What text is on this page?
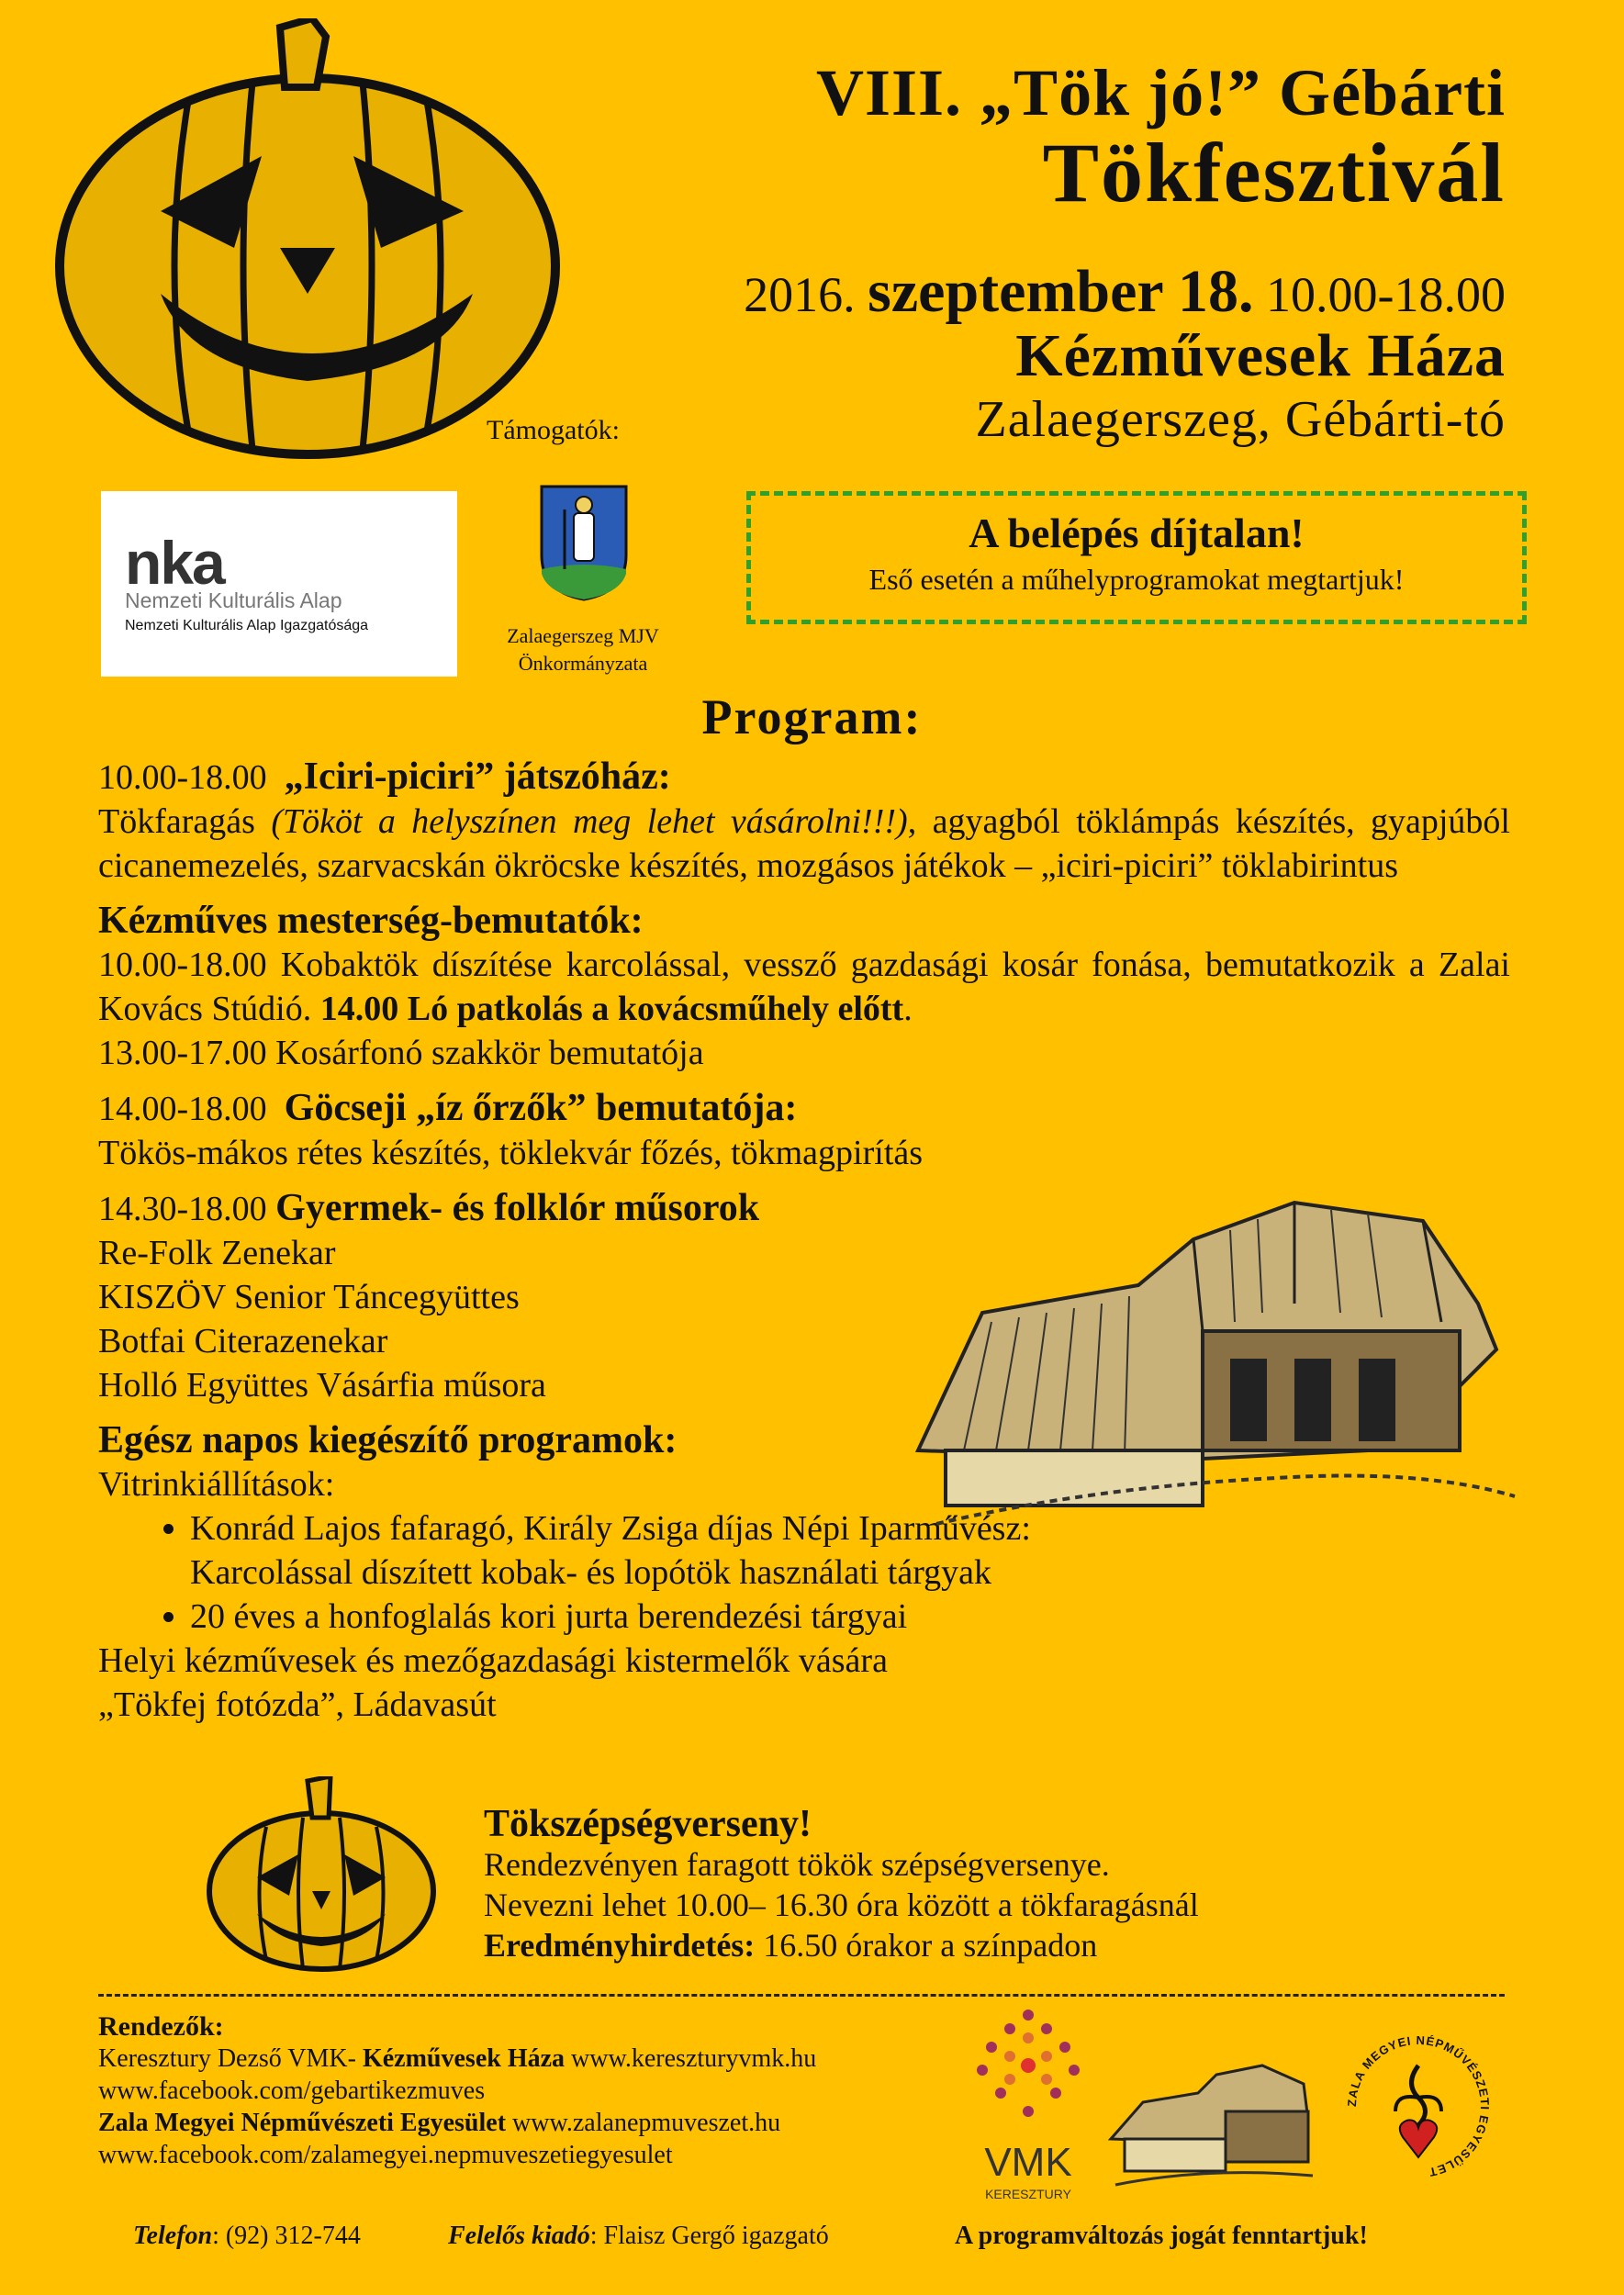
VIII. „Tök jó!” Gébárti
Tökfesztivál
2016. szeptember 18. 10.00-18.00
Kézművesek Háza
Zalaegerszeg, Gébárti-tó
Támogatók:
nka
Nemzeti Kulturális Alap
Nemzeti Kulturális Alap Igazgatósága	Zalaegerszeg MJV
Önkormányzata
A belépés díjtalan!
Eső esetén a műhelyprogramokat megtartjuk!
Program:

10.00-18.00 „Iciri-piciri” játszóház:

Tökfaragás (Tököt a helyszínen meg lehet vásárolni!!!), agyagból töklámpás készítés, gyapjúból cicanemezelés, szarvacskán ökröcske készítés, mozgásos játékok – „iciri-piciri” töklabirintus

Kézműves mesterség-bemutatók:

10.00-18.00 Kobaktök díszítése karcolással, vessző gazdasági kosár fonása, bemutatkozik a Zalai Kovács Stúdió. 14.00 Ló patkolás a kovácsműhely előtt.

13.00-17.00 Kosárfonó szakkör bemutatója

14.00-18.00 Göcseji „íz őrzők” bemutatója:

Tökös-mákos rétes készítés, töklekvár főzés, tökmagpirítás

14.30-18.00 Gyermek- és folklór műsorok

Re-Folk Zenekar

KISZÖV Senior Táncegyüttes

Botfai Citerazenekar

Holló Együttes Vásárfia műsora

Egész napos kiegészítő programok:

Vitrinkiállítások:

• Konrád Lajos fafaragó, Király Zsiga díjas Népi Iparművész:
Karcolással díszített kobak- és lopótök használati tárgyak
• 20 éves a honfoglalás kori jurta berendezési tárgyai

Helyi kézművesek és mezőgazdasági kistermelők vására

„Tökfej fotózda”, Ládavasút

Tökszépségverseny!
Rendezvényen faragott tökök szépségversenye.
Nevezni lehet 10.00– 16.30 óra között a tökfaragásnál
Eredményhirdetés: 16.50 órakor a színpadon
Rendezők:
Keresztury Dezső VMK- Kézművesek Háza www.kereszturyvmk.hu
www.facebook.com/gebartikezmuves
Zala Megyei Népművészeti Egyesület www.zalanepmuveszet.hu
www.facebook.com/zalamegyei.nepmuveszetiegyesulet	VMK
KERESZTURY
ZALA MEGYEI NÉPMŰVÉSZETI EGYESÜLET
Telefon: (92) 312-744	Felelős kiadó: Flaisz Gergő igazgató	A programváltozás jogát fenntartjuk!
